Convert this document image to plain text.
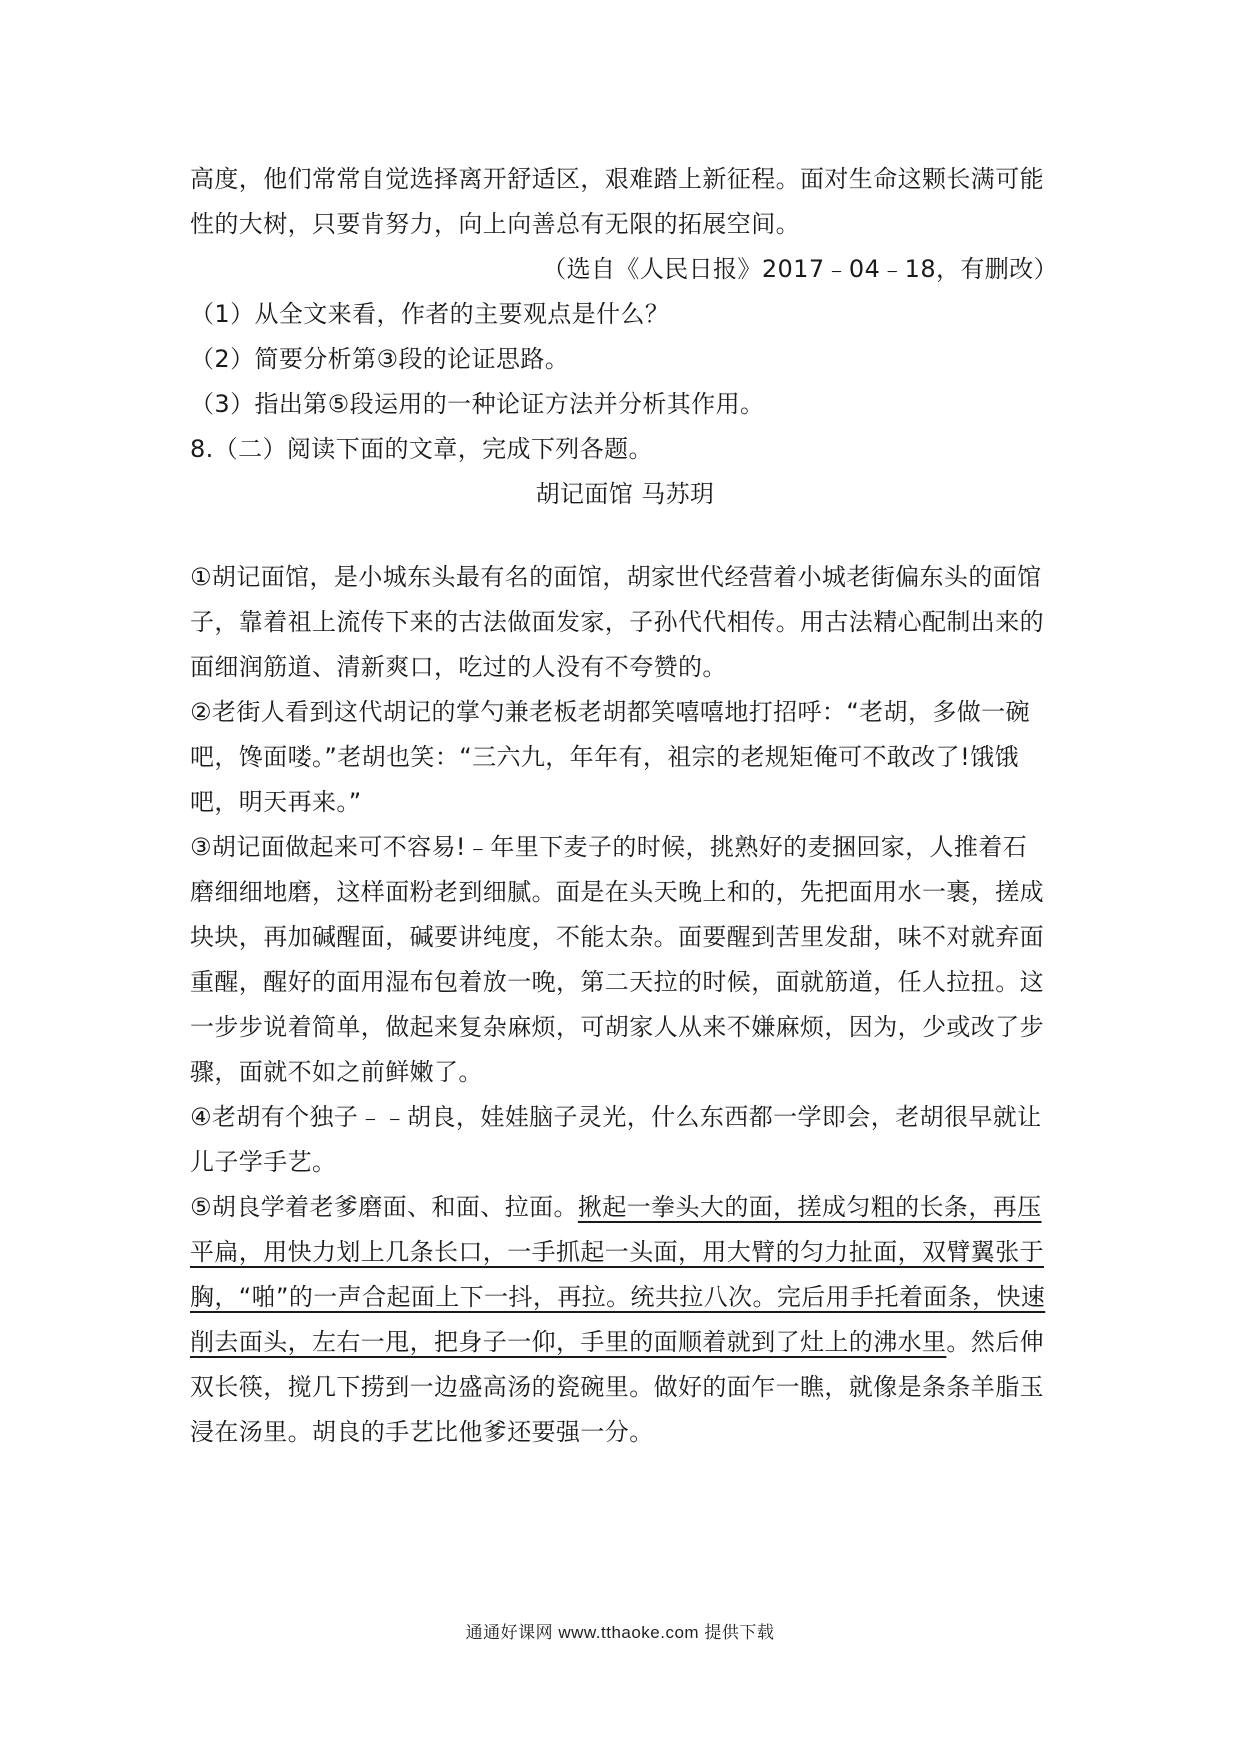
高度，他们常常自觉选择离开舒适区，艰难踏上新征程。面对生命这颗长满可能
性的大树，只要肯努力，向上向善总有无限的拓展空间。
（选自《人民日报》2017﹣04﹣18，有删改）
（1）从全文来看，作者的主要观点是什么？
（2）简要分析第③段的论证思路。
（3）指出第⑤段运用的一种论证方法并分析其作用。
8.（二）阅读下面的文章，完成下列各题。
胡记面馆 马苏玥
①胡记面馆，是小城东头最有名的面馆，胡家世代经营着小城老街偏东头的面馆
子，靠着祖上流传下来的古法做面发家，子孙代代相传。用古法精心配制出来的
面细润筋道、清新爽口，吃过的人没有不夸赞的。
②老街人看到这代胡记的掌勺兼老板老胡都笑嘻嘻地打招呼：“老胡，多做一碗
吧，馋面喽。”老胡也笑：“三六九，年年有，祖宗的老规矩俺可不敢改了!饿饿
吧，明天再来。”
③胡记面做起来可不容易!﹣年里下麦子的时候，挑熟好的麦捆回家，人推着石
磨细细地磨，这样面粉老到细腻。面是在头天晚上和的，先把面用水一裹，搓成
块块，再加碱醒面，碱要讲纯度，不能太杂。面要醒到苦里发甜，味不对就弃面
重醒，醒好的面用湿布包着放一晚，第二天拉的时候，面就筋道，任人拉扭。这
一步步说着简单，做起来复杂麻烦，可胡家人从来不嫌麻烦，因为，少或改了步
骤，面就不如之前鲜嫩了。
④老胡有个独子﹣﹣胡良，娃娃脑子灵光，什么东西都一学即会，老胡很早就让
儿子学手艺。
⑤胡良学着老爹磨面、和面、拉面。揪起一拳头大的面，搓成匀粗的长条，再压
平扁，用快力划上几条长口，一手抓起一头面，用大臂的匀力扯面，双臂翼张于
胸，“啪”的一声合起面上下一抖，再拉。统共拉八次。完后用手托着面条，快速
削去面头，左右一甩，把身子一仰，手里的面顺着就到了灶上的沸水里。然后伸
双长筷，搅几下捞到一边盛高汤的瓷碗里。做好的面乍一瞧，就像是条条羊脂玉
浸在汤里。胡良的手艺比他爹还要强一分。
通通好课网 www.tthaoke.com 提供下载
